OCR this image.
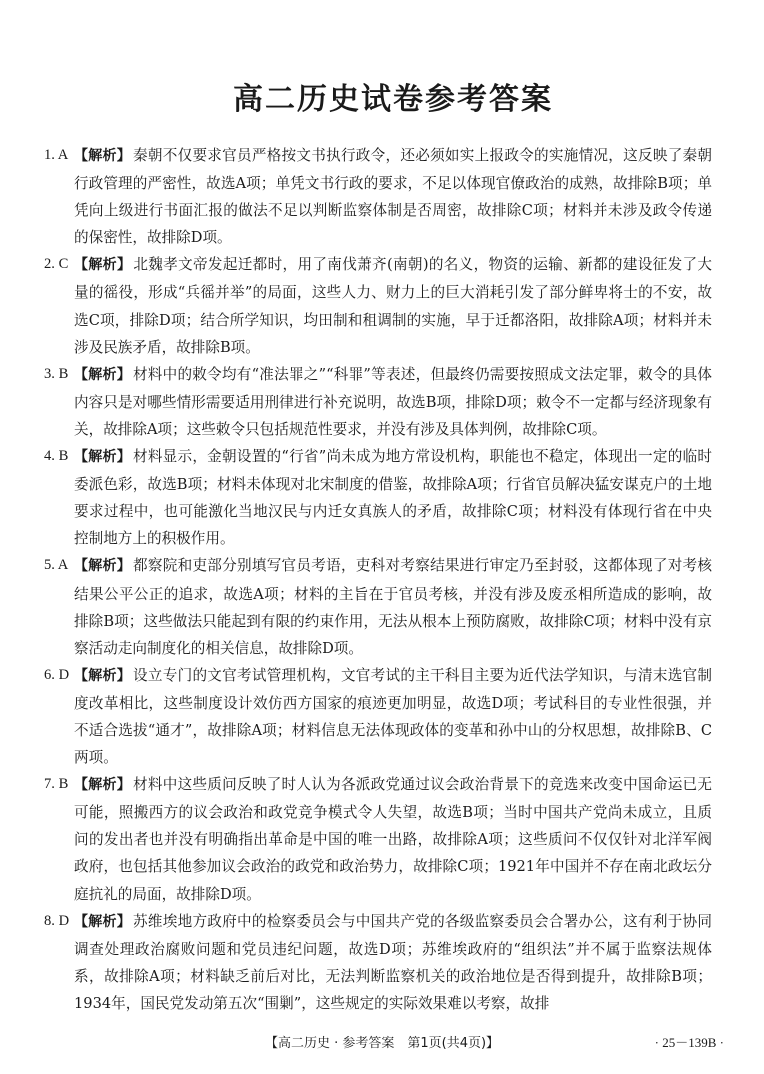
高二历史试卷参考答案
1. A 【解析】 秦朝不仅要求官员严格按文书执行政令，还必须如实上报政令的实施情况，这反映了秦朝行政管理的严密性，故选A项；单凭文书行政的要求，不足以体现官僚政治的成熟，故排除B项；单凭向上级进行书面汇报的做法不足以判断监察体制是否周密，故排除C项；材料并未涉及政令传递的保密性，故排除D项。

2. C 【解析】 北魏孝文帝发起迁都时，用了南伐萧齐(南朝)的名义，物资的运输、新都的建设征发了大量的徭役，形成“兵徭并举”的局面，这些人力、财力上的巨大消耗引发了部分鲜卑将士的不安，故选C项，排除D项；结合所学知识，均田制和租调制的实施，早于迁都洛阳，故排除A项；材料并未涉及民族矛盾，故排除B项。

3. B 【解析】 材料中的敕令均有“准法罪之”“科罪”等表述，但最终仍需要按照成文法定罪，敕令的具体内容只是对哪些情形需要适用刑律进行补充说明，故选B项，排除D项；敕令不一定都与经济现象有关，故排除A项；这些敕令只包括规范性要求，并没有涉及具体判例，故排除C项。

4. B 【解析】 材料显示，金朝设置的“行省”尚未成为地方常设机构，职能也不稳定，体现出一定的临时委派色彩，故选B项；材料未体现对北宋制度的借鉴，故排除A项；行省官员解决猛安谋克户的土地要求过程中，也可能激化当地汉民与内迁女真族人的矛盾，故排除C项；材料没有体现行省在中央控制地方上的积极作用。

5. A 【解析】 都察院和吏部分别填写官员考语，吏科对考察结果进行审定乃至封驳，这都体现了对考核结果公平公正的追求，故选A项；材料的主旨在于官员考核，并没有涉及废丞相所造成的影响，故排除B项；这些做法只能起到有限的约束作用，无法从根本上预防腐败，故排除C项；材料中没有京察活动走向制度化的相关信息，故排除D项。

6. D 【解析】 设立专门的文官考试管理机构，文官考试的主干科目主要为近代法学知识，与清末选官制度改革相比，这些制度设计效仿西方国家的痕迹更加明显，故选D项；考试科目的专业性很强，并不适合选拔“通才”，故排除A项；材料信息无法体现政体的变革和孙中山的分权思想，故排除B、C两项。

7. B 【解析】 材料中这些质问反映了时人认为各派政党通过议会政治背景下的竞选来改变中国命运已无可能，照搬西方的议会政治和政党竞争模式令人失望，故选B项；当时中国共产党尚未成立，且质问的发出者也并没有明确指出革命是中国的唯一出路，故排除A项；这些质问不仅仅针对北洋军阀政府，也包括其他参加议会政治的政党和政治势力，故排除C项；1921年中国并不存在南北政坛分庭抗礼的局面，故排除D项。

8. D 【解析】 苏维埃地方政府中的检察委员会与中国共产党的各级监察委员会合署办公，这有利于协同调查处理政治腐败问题和党员违纪问题，故选D项；苏维埃政府的“组织法”并不属于监察法规体系，故排除A项；材料缺乏前后对比，无法判断监察机关的政治地位是否得到提升，故排除B项；1934年，国民党发动第五次“围剿”，这些规定的实际效果难以考察，故排

【高二历史 · 参考答案　第1页(共4页)】	· 25－139B ·
